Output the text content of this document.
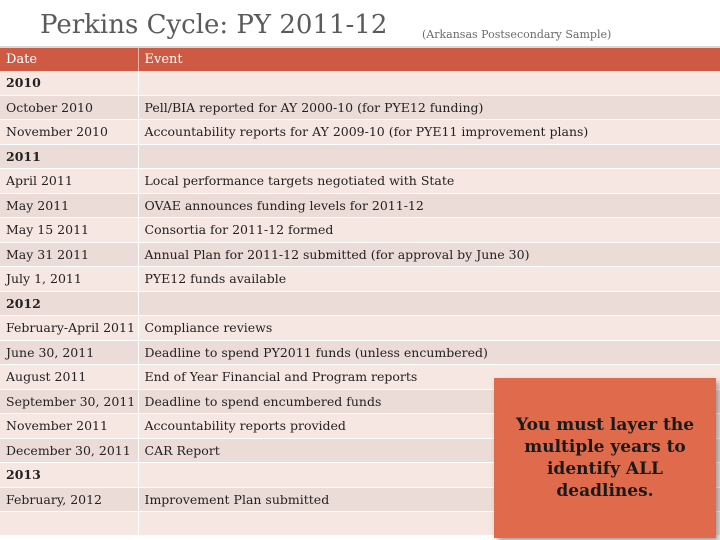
Perkins Cycle: PY 2011-12	(Arkansas Postsecondary Sample)
Date	Event
2010	
October 2010	Pell/BIA reported for AY 2000-10 (for PYE12 funding)
November 2010	Accountability reports for AY 2009-10 (for PYE11 improvement plans)
2011	
April 2011	Local performance targets negotiated with State
May 2011	OVAE announces funding levels for 2011-12
May 15 2011	Consortia for 2011-12 formed
May 31 2011	Annual Plan for 2011-12 submitted (for approval by June 30)
July 1, 2011	PYE12 funds available
2012	
February-April 2011	Compliance reviews
June 30, 2011	Deadline to spend PY2011 funds (unless encumbered)
August 2011	End of Year Financial and Program reports
September 30, 2011	Deadline to spend encumbered funds
November 2011	Accountability reports provided
December 30, 2011	CAR Report
2013	
February, 2012	Improvement Plan submitted

You must layer the multiple years to identify ALL deadlines.
